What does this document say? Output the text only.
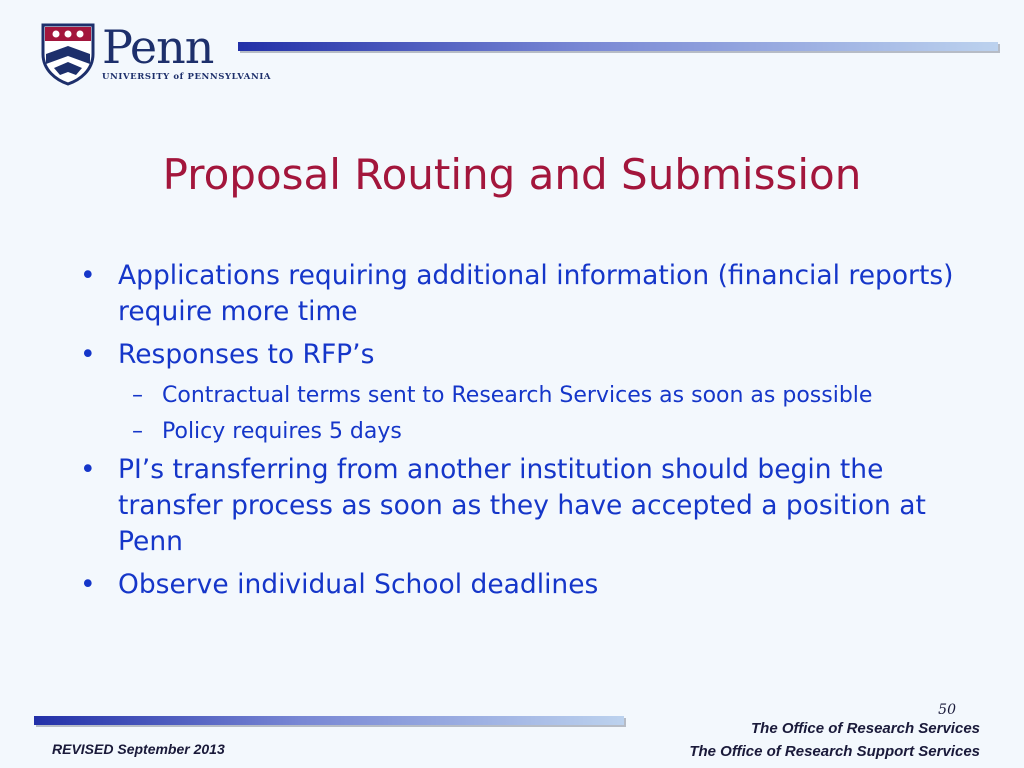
Penn
UNIVERSITY of PENNSYLVANIA
Proposal Routing and Submission
• Applications requiring additional information (financial reports) require more time
• Responses to RFP’s
– Contractual terms sent to Research Services as soon as possible
– Policy requires 5 days
• PI’s transferring from another institution should begin the transfer process as soon as they have accepted a position at Penn
• Observe individual School deadlines
50
The Office of Research Services
The Office of Research Support Services
REVISED September 2013
